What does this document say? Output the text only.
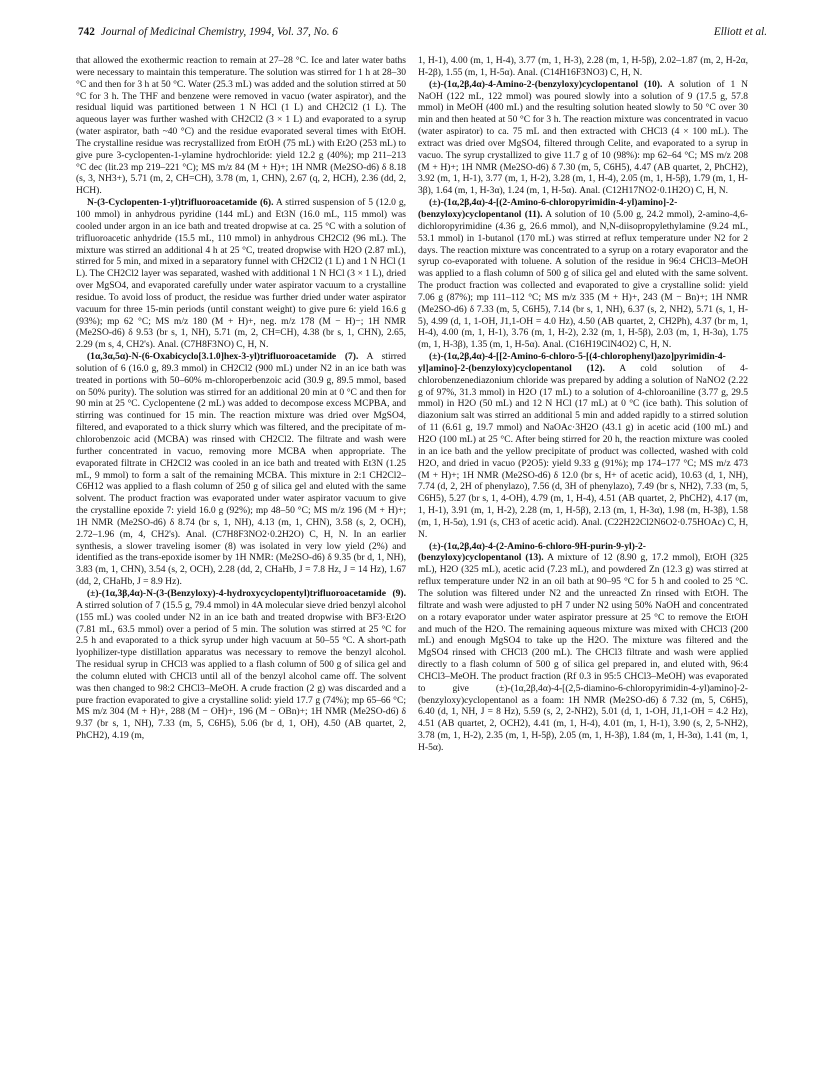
742 Journal of Medicinal Chemistry, 1994, Vol. 37, No. 6	Elliott et al.

that allowed the exothermic reaction to remain at 27–28 °C. Ice and later water baths were necessary to maintain this temperature. The solution was stirred for 1 h at 28–30 °C and then for 3 h at 50 °C. Water (25.3 mL) was added and the solution stirred at 50 °C for 3 h. The THF and benzene were removed in vacuo (water aspirator), and the residual liquid was partitioned between 1 N HCl (1 L) and CH2Cl2 (1 L). The aqueous layer was further washed with CH2Cl2 (3 × 1 L) and evaporated to a syrup (water aspirator, bath ~40 °C) and the residue evaporated several times with EtOH. The crystalline residue was recrystallized from EtOH (75 mL) with Et2O (253 mL) to give pure 3-cyclopenten-1-ylamine hydrochloride: yield 12.2 g (40%); mp 211–213 °C dec (lit.23 mp 219–221 °C); MS m/z 84 (M + H)+; 1H NMR (Me2SO-d6) δ 8.18 (s, 3, NH3+), 5.71 (m, 2, CH=CH), 3.78 (m, 1, CHN), 2.67 (q, 2, HCH), 2.36 (dd, 2, HCH).

N-(3-Cyclopenten-1-yl)trifluoroacetamide (6). A stirred suspension of 5 (12.0 g, 100 mmol) in anhydrous pyridine (144 mL) and Et3N (16.0 mL, 115 mmol) was cooled under argon in an ice bath and treated dropwise at ca. 25 °C with a solution of trifluoroacetic anhydride (15.5 mL, 110 mmol) in anhydrous CH2Cl2 (96 mL). The mixture was stirred an additional 4 h at 25 °C, treated dropwise with H2O (2.87 mL), stirred for 5 min, and mixed in a separatory funnel with CH2Cl2 (1 L) and 1 N HCl (1 L). The CH2Cl2 layer was separated, washed with additional 1 N HCl (3 × 1 L), dried over MgSO4, and evaporated carefully under water aspirator vacuum to a crystalline residue. To avoid loss of product, the residue was further dried under water aspirator vacuum for three 15-min periods (until constant weight) to give pure 6: yield 16.6 g (93%); mp 62 °C; MS m/z 180 (M + H)+, neg. m/z 178 (M − H)−; 1H NMR (Me2SO-d6) δ 9.53 (br s, 1, NH), 5.71 (m, 2, CH=CH), 4.38 (br s, 1, CHN), 2.65, 2.29 (m s, 4, CH2's). Anal. (C7H8F3NO) C, H, N.

(1α,3α,5α)-N-(6-Oxabicyclo[3.1.0]hex-3-yl)trifluoroacetamide (7). A stirred solution of 6 (16.0 g, 89.3 mmol) in CH2Cl2 (900 mL) under N2 in an ice bath was treated in portions with 50–60% m-chloroperbenzoic acid (30.9 g, 89.5 mmol, based on 50% purity). The solution was stirred for an additional 20 min at 0 °C and then for 90 min at 25 °C. Cyclopentene (2 mL) was added to decompose excess MCPBA, and stirring was continued for 15 min. The reaction mixture was dried over MgSO4, filtered, and evaporated to a thick slurry which was filtered, and the precipitate of m-chlorobenzoic acid (MCBA) was rinsed with CH2Cl2. The filtrate and wash were further concentrated in vacuo, removing more MCBA when appropriate. The evaporated filtrate in CH2Cl2 was cooled in an ice bath and treated with Et3N (1.25 mL, 9 mmol) to form a salt of the remaining MCBA. This mixture in 2:1 CH2Cl2–C6H12 was applied to a flash column of 250 g of silica gel and eluted with the same solvent. The product fraction was evaporated under water aspirator vacuum to give the crystalline epoxide 7: yield 16.0 g (92%); mp 48–50 °C; MS m/z 196 (M + H)+; 1H NMR (Me2SO-d6) δ 8.74 (br s, 1, NH), 4.13 (m, 1, CHN), 3.58 (s, 2, OCH), 2.72–1.96 (m, 4, CH2's). Anal. (C7H8F3NO2·0.2H2O) C, H, N. In an earlier synthesis, a slower traveling isomer (8) was isolated in very low yield (2%) and identified as the trans-epoxide isomer by 1H NMR: (Me2SO-d6) δ 9.35 (br d, 1, NH), 3.83 (m, 1, CHN), 3.54 (s, 2, OCH), 2.28 (dd, 2, CHaHb, J = 7.8 Hz, J = 14 Hz), 1.67 (dd, 2, CHaHb, J = 8.9 Hz).

(±)-(1α,3β,4α)-N-(3-(Benzyloxy)-4-hydroxycyclopentyl)trifluoroacetamide (9). A stirred solution of 7 (15.5 g, 79.4 mmol) in 4A molecular sieve dried benzyl alcohol (155 mL) was cooled under N2 in an ice bath and treated dropwise with BF3·Et2O (7.81 mL, 63.5 mmol) over a period of 5 min. The solution was stirred at 25 °C for 2.5 h and evaporated to a thick syrup under high vacuum at 50–55 °C. A short-path lyophilizer-type distillation apparatus was necessary to remove the benzyl alcohol. The residual syrup in CHCl3 was applied to a flash column of 500 g of silica gel and the column eluted with CHCl3 until all of the benzyl alcohol came off. The solvent was then changed to 98:2 CHCl3–MeOH. A crude fraction (2 g) was discarded and a pure fraction evaporated to give a crystalline solid: yield 17.7 g (74%); mp 65–66 °C; MS m/z 304 (M + H)+, 288 (M − OH)+, 196 (M − OBn)+; 1H NMR (Me2SO-d6) δ 9.37 (br s, 1, NH), 7.33 (m, 5, C6H5), 5.06 (br d, 1, OH), 4.50 (AB quartet, 2, PhCH2), 4.19 (m,

1, H-1), 4.00 (m, 1, H-4), 3.77 (m, 1, H-3), 2.28 (m, 1, H-5β), 2.02–1.87 (m, 2, H-2α, H-2β), 1.55 (m, 1, H-5α). Anal. (C14H16F3NO3) C, H, N.

(±)-(1α,2β,4α)-4-Amino-2-(benzyloxy)cyclopentanol (10). A solution of 1 N NaOH (122 mL, 122 mmol) was poured slowly into a solution of 9 (17.5 g, 57.8 mmol) in MeOH (400 mL) and the resulting solution heated slowly to 50 °C over 30 min and then heated at 50 °C for 3 h. The reaction mixture was concentrated in vacuo (water aspirator) to ca. 75 mL and then extracted with CHCl3 (4 × 100 mL). The extract was dried over MgSO4, filtered through Celite, and evaporated to a syrup in vacuo. The syrup crystallized to give 11.7 g of 10 (98%): mp 62–64 °C; MS m/z 208 (M + H)+; 1H NMR (Me2SO-d6) δ 7.30 (m, 5, C6H5), 4.47 (AB quartet, 2, PhCH2), 3.92 (m, 1, H-1), 3.77 (m, 1, H-2), 3.28 (m, 1, H-4), 2.05 (m, 1, H-5β), 1.79 (m, 1, H-3β), 1.64 (m, 1, H-3α), 1.24 (m, 1, H-5α). Anal. (C12H17NO2·0.1H2O) C, H, N.

(±)-(1α,2β,4α)-4-[(2-Amino-6-chloropyrimidin-4-yl)amino]-2-(benzyloxy)cyclopentanol (11). A solution of 10 (5.00 g, 24.2 mmol), 2-amino-4,6-dichloropyrimidine (4.36 g, 26.6 mmol), and N,N-diisopropylethylamine (9.24 mL, 53.1 mmol) in 1-butanol (170 mL) was stirred at reflux temperature under N2 for 2 days. The reaction mixture was concentrated to a syrup on a rotary evaporator and the syrup co-evaporated with toluene. A solution of the residue in 96:4 CHCl3–MeOH was applied to a flash column of 500 g of silica gel and eluted with the same solvent. The product fraction was collected and evaporated to give a crystalline solid: yield 7.06 g (87%); mp 111–112 °C; MS m/z 335 (M + H)+, 243 (M − Bn)+; 1H NMR (Me2SO-d6) δ 7.33 (m, 5, C6H5), 7.14 (br s, 1, NH), 6.37 (s, 2, NH2), 5.71 (s, 1, H-5), 4.99 (d, 1, 1-OH, J1,1-OH = 4.0 Hz), 4.50 (AB quartet, 2, CH2Ph), 4.37 (br m, 1, H-4), 4.00 (m, 1, H-1), 3.76 (m, 1, H-2), 2.32 (m, 1, H-5β), 2.03 (m, 1, H-3α), 1.75 (m, 1, H-3β), 1.35 (m, 1, H-5α). Anal. (C16H19ClN4O2) C, H, N.

(±)-(1α,2β,4α)-4-[[2-Amino-6-chloro-5-[(4-chlorophenyl)azo]pyrimidin-4-yl]amino]-2-(benzyloxy)cyclopentanol (12). A cold solution of 4-chlorobenzenediazonium chloride was prepared by adding a solution of NaNO2 (2.22 g of 97%, 31.3 mmol) in H2O (17 mL) to a solution of 4-chloroaniline (3.77 g, 29.5 mmol) in H2O (50 mL) and 12 N HCl (17 mL) at 0 °C (ice bath). This solution of diazonium salt was stirred an additional 5 min and added rapidly to a stirred solution of 11 (6.61 g, 19.7 mmol) and NaOAc·3H2O (43.1 g) in acetic acid (100 mL) and H2O (100 mL) at 25 °C. After being stirred for 20 h, the reaction mixture was cooled in an ice bath and the yellow precipitate of product was collected, washed with cold H2O, and dried in vacuo (P2O5): yield 9.33 g (91%); mp 174–177 °C; MS m/z 473 (M + H)+; 1H NMR (Me2SO-d6) δ 12.0 (br s, H+ of acetic acid), 10.63 (d, 1, NH), 7.74 (d, 2, 2H of phenylazo), 7.56 (d, 3H of phenylazo), 7.49 (br s, NH2), 7.33 (m, 5, C6H5), 5.27 (br s, 1, 4-OH), 4.79 (m, 1, H-4), 4.51 (AB quartet, 2, PhCH2), 4.17 (m, 1, H-1), 3.91 (m, 1, H-2), 2.28 (m, 1, H-5β), 2.13 (m, 1, H-3α), 1.98 (m, H-3β), 1.58 (m, 1, H-5α), 1.91 (s, CH3 of acetic acid). Anal. (C22H22Cl2N6O2·0.75HOAc) C, H, N.

(±)-(1α,2β,4α)-4-(2-Amino-6-chloro-9H-purin-9-yl)-2-(benzyloxy)cyclopentanol (13). A mixture of 12 (8.90 g, 17.2 mmol), EtOH (325 mL), H2O (325 mL), acetic acid (7.23 mL), and powdered Zn (12.3 g) was stirred at reflux temperature under N2 in an oil bath at 90–95 °C for 5 h and cooled to 25 °C. The solution was filtered under N2 and the unreacted Zn rinsed with EtOH. The filtrate and wash were adjusted to pH 7 under N2 using 50% NaOH and concentrated on a rotary evaporator under water aspirator pressure at 25 °C to remove the EtOH and much of the H2O. The remaining aqueous mixture was mixed with CHCl3 (200 mL) and enough MgSO4 to take up the H2O. The mixture was filtered and the MgSO4 rinsed with CHCl3 (200 mL). The CHCl3 filtrate and wash were applied directly to a flash column of 500 g of silica gel prepared in, and eluted with, 96:4 CHCl3–MeOH. The product fraction (Rf 0.3 in 95:5 CHCl3–MeOH) was evaporated to give (±)-(1α,2β,4α)-4-[(2,5-diamino-6-chloropyrimidin-4-yl)amino]-2-(benzyloxy)cyclopentanol as a foam: 1H NMR (Me2SO-d6) δ 7.32 (m, 5, C6H5), 6.40 (d, 1, NH, J = 8 Hz), 5.59 (s, 2, 2-NH2), 5.01 (d, 1, 1-OH, J1,1-OH = 4.2 Hz), 4.51 (AB quartet, 2, OCH2), 4.41 (m, 1, H-4), 4.01 (m, 1, H-1), 3.90 (s, 2, 5-NH2), 3.78 (m, 1, H-2), 2.35 (m, 1, H-5β), 2.05 (m, 1, H-3β), 1.84 (m, 1, H-3α), 1.41 (m, 1, H-5α).
